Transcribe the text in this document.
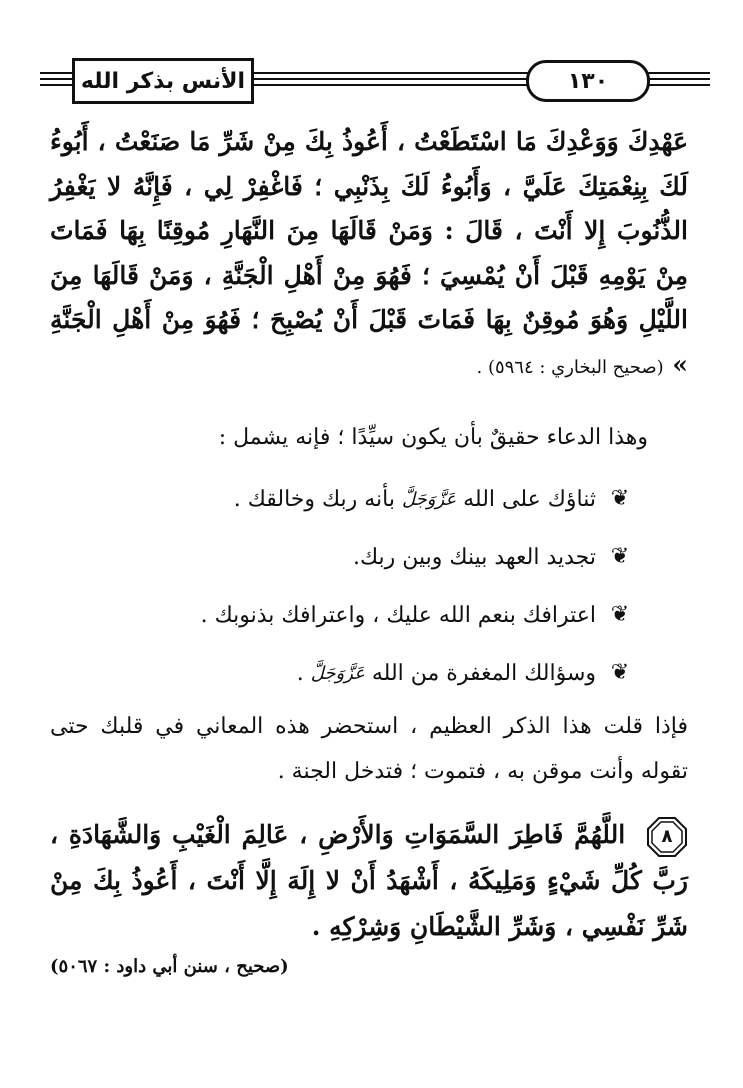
الأنس بذكر الله	١٣٠
عَهْدِكَ وَوَعْدِكَ مَا اسْتَطَعْتُ ، أَعُوذُ بِكَ مِنْ شَرِّ مَا صَنَعْتُ ، أَبُوءُ لَكَ بِنِعْمَتِكَ عَلَيَّ ، وَأَبُوءُ لَكَ بِذَنْبِي ؛ فَاغْفِرْ لِي ، فَإِنَّهُ لا يَغْفِرُ الذُّنُوبَ إِلا أَنْتَ ، قَالَ : وَمَنْ قَالَهَا مِنَ النَّهَارِ مُوقِنًا بِهَا فَمَاتَ مِنْ يَوْمِهِ قَبْلَ أَنْ يُمْسِيَ ؛ فَهُوَ مِنْ أَهْلِ الْجَنَّةِ ، وَمَنْ قَالَهَا مِنَ اللَّيْلِ وَهُوَ مُوقِنٌ بِهَا فَمَاتَ قَبْلَ أَنْ يُصْبِحَ ؛ فَهُوَ مِنْ أَهْلِ الْجَنَّةِ » (صحيح البخاري : ٥٩٦٤) .
وهذا الدعاء حقيقٌ بأن يكون سيِّدًا ؛ فإنه يشمل :
❦
ثناؤك على الله

عَزَّوَجَلَّ

بأنه ربك وخالقك .
❦
تجديد العهد بينك وبين ربك.
❦
اعترافك بنعم الله عليك ، واعترافك بذنوبك .
❦
وسؤالك المغفرة من الله

عَزَّوَجَلَّ

.
فإذا قلت هذا الذكر العظيم ، استحضر هذه المعاني في قلبك حتى تقوله وأنت موقن به ، فتموت ؛ فتدخل الجنة .
٨
اللَّهُمَّ فَاطِرَ السَّمَوَاتِ وَالأَرْضِ ، عَالِمَ الْغَيْبِ وَالشَّهَادَةِ ، رَبَّ كُلِّ شَيْءٍ وَمَلِيكَهُ ، أَشْهَدُ أَنْ لا إِلَهَ إِلَّا أَنْتَ ، أَعُوذُ بِكَ مِنْ شَرِّ نَفْسِي ، وَشَرِّ الشَّيْطَانِ وَشِرْكِهِ .
(صحيح ، سنن أبي داود : ٥٠٦٧)
